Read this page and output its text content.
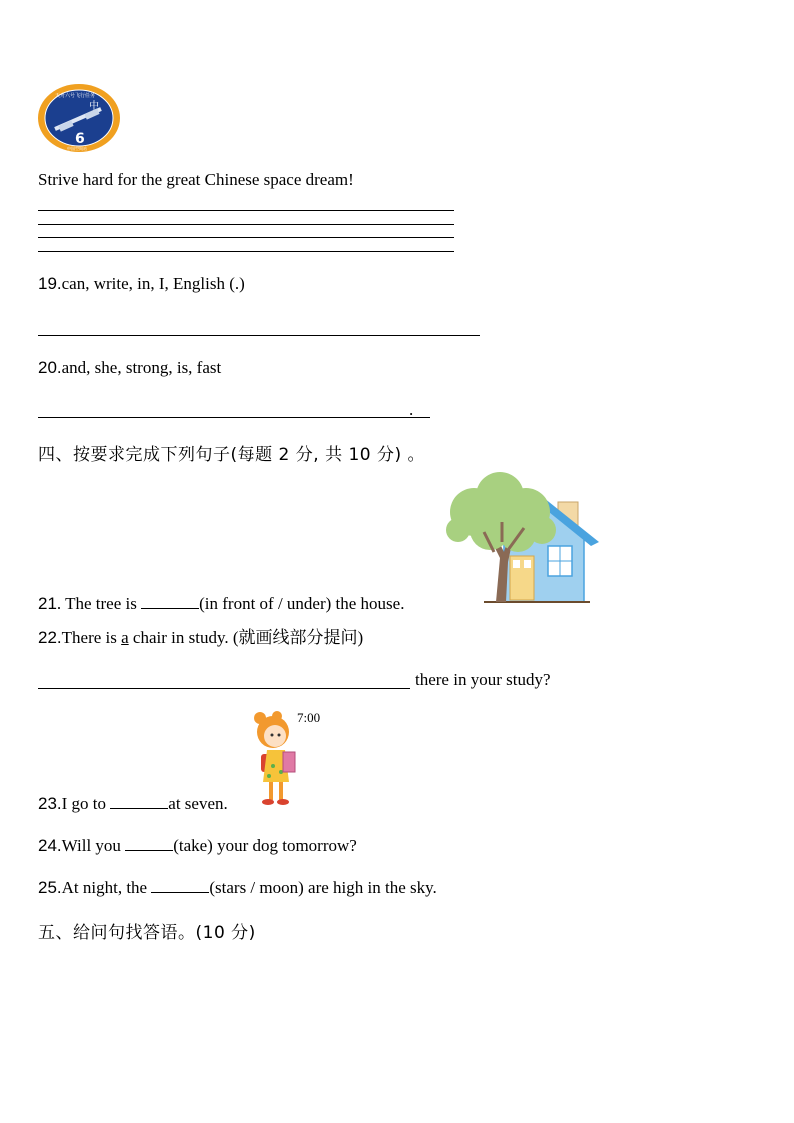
中
6
天舟六号飞行任务
中国空间站
Strive hard for the great Chinese space dream!
19.can, write, in, I, English (.)
20.and, she, strong, is, fast
.
四、按要求完成下列句子(每题 2 分, 共 10 分) 。
21. The tree is	(in front of / under) the house.
22.There is a chair in study. (就画线部分提问)
there in your study?
7:00
23.I go to	at seven.
24.Will you	(take) your dog tomorrow?
25.At night, the	(stars / moon) are high in the sky.
五、给问句找答语。(10 分)
